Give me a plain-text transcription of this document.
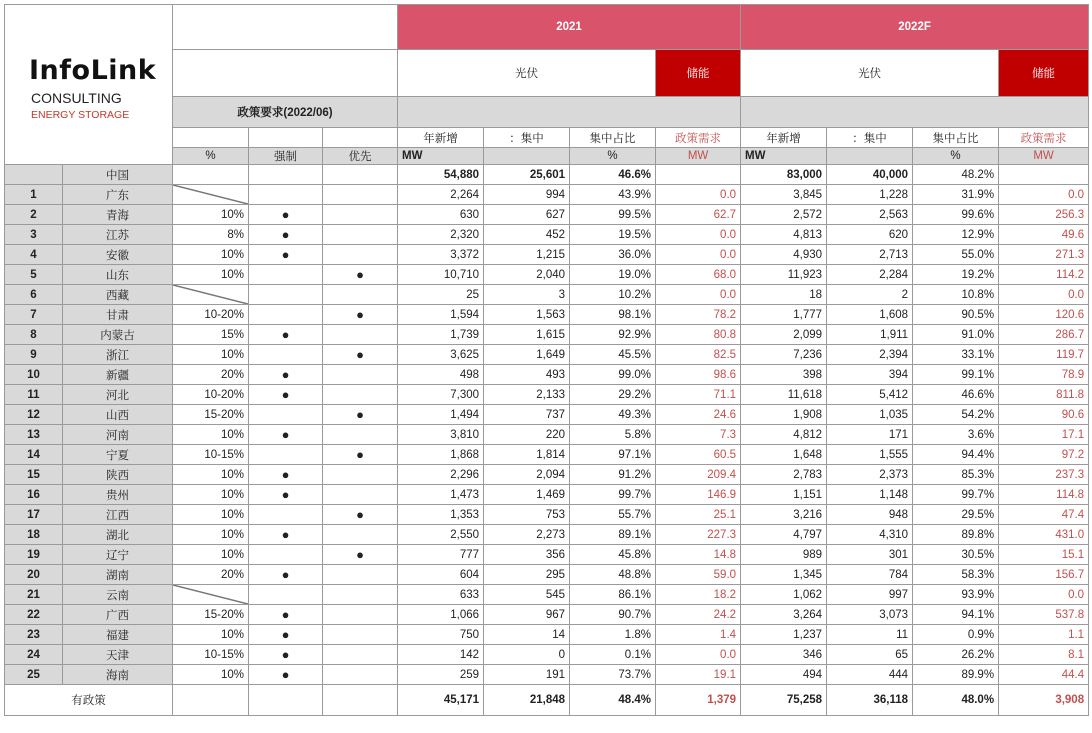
InfoLink
CONSULTING
ENERGY STORAGE					2021				2022F			
					光伏			储能	光伏			储能
		政策要求(2022/06)										
					年新增	：集中	集中占比	政策需求	年新增	：集中	集中占比	政策需求
		%	强制	优先	MW		%	MW	MW		%	MW
	中国				54,880	25,601	46.6%		83,000	40,000	48.2%	
1	广东				2,264	994	43.9%	0.0	3,845	1,228	31.9%	0.0
2	青海	10%	●		630	627	99.5%	62.7	2,572	2,563	99.6%	256.3
3	江苏	8%	●		2,320	452	19.5%	0.0	4,813	620	12.9%	49.6
4	安徽	10%	●		3,372	1,215	36.0%	0.0	4,930	2,713	55.0%	271.3
5	山东	10%		●	10,710	2,040	19.0%	68.0	11,923	2,284	19.2%	114.2
6	西藏				25	3	10.2%	0.0	18	2	10.8%	0.0
7	甘肃	10-20%		●	1,594	1,563	98.1%	78.2	1,777	1,608	90.5%	120.6
8	内蒙古	15%	●		1,739	1,615	92.9%	80.8	2,099	1,911	91.0%	286.7
9	浙江	10%		●	3,625	1,649	45.5%	82.5	7,236	2,394	33.1%	119.7
10	新疆	20%	●		498	493	99.0%	98.6	398	394	99.1%	78.9
11	河北	10-20%	●		7,300	2,133	29.2%	71.1	11,618	5,412	46.6%	811.8
12	山西	15-20%		●	1,494	737	49.3%	24.6	1,908	1,035	54.2%	90.6
13	河南	10%	●		3,810	220	5.8%	7.3	4,812	171	3.6%	17.1
14	宁夏	10-15%		●	1,868	1,814	97.1%	60.5	1,648	1,555	94.4%	97.2
15	陕西	10%	●		2,296	2,094	91.2%	209.4	2,783	2,373	85.3%	237.3
16	贵州	10%	●		1,473	1,469	99.7%	146.9	1,151	1,148	99.7%	114.8
17	江西	10%		●	1,353	753	55.7%	25.1	3,216	948	29.5%	47.4
18	湖北	10%	●		2,550	2,273	89.1%	227.3	4,797	4,310	89.8%	431.0
19	辽宁	10%		●	777	356	45.8%	14.8	989	301	30.5%	15.1
20	湖南	20%	●		604	295	48.8%	59.0	1,345	784	58.3%	156.7
21	云南				633	545	86.1%	18.2	1,062	997	93.9%	0.0
22	广西	15-20%	●		1,066	967	90.7%	24.2	3,264	3,073	94.1%	537.8
23	福建	10%	●		750	14	1.8%	1.4	1,237	11	0.9%	1.1
24	天津	10-15%	●		142	0	0.1%	0.0	346	65	26.2%	8.1
25	海南	10%	●		259	191	73.7%	19.1	494	444	89.9%	44.4
有政策					45,171	21,848	48.4%	1,379	75,258	36,118	48.0%	3,908
